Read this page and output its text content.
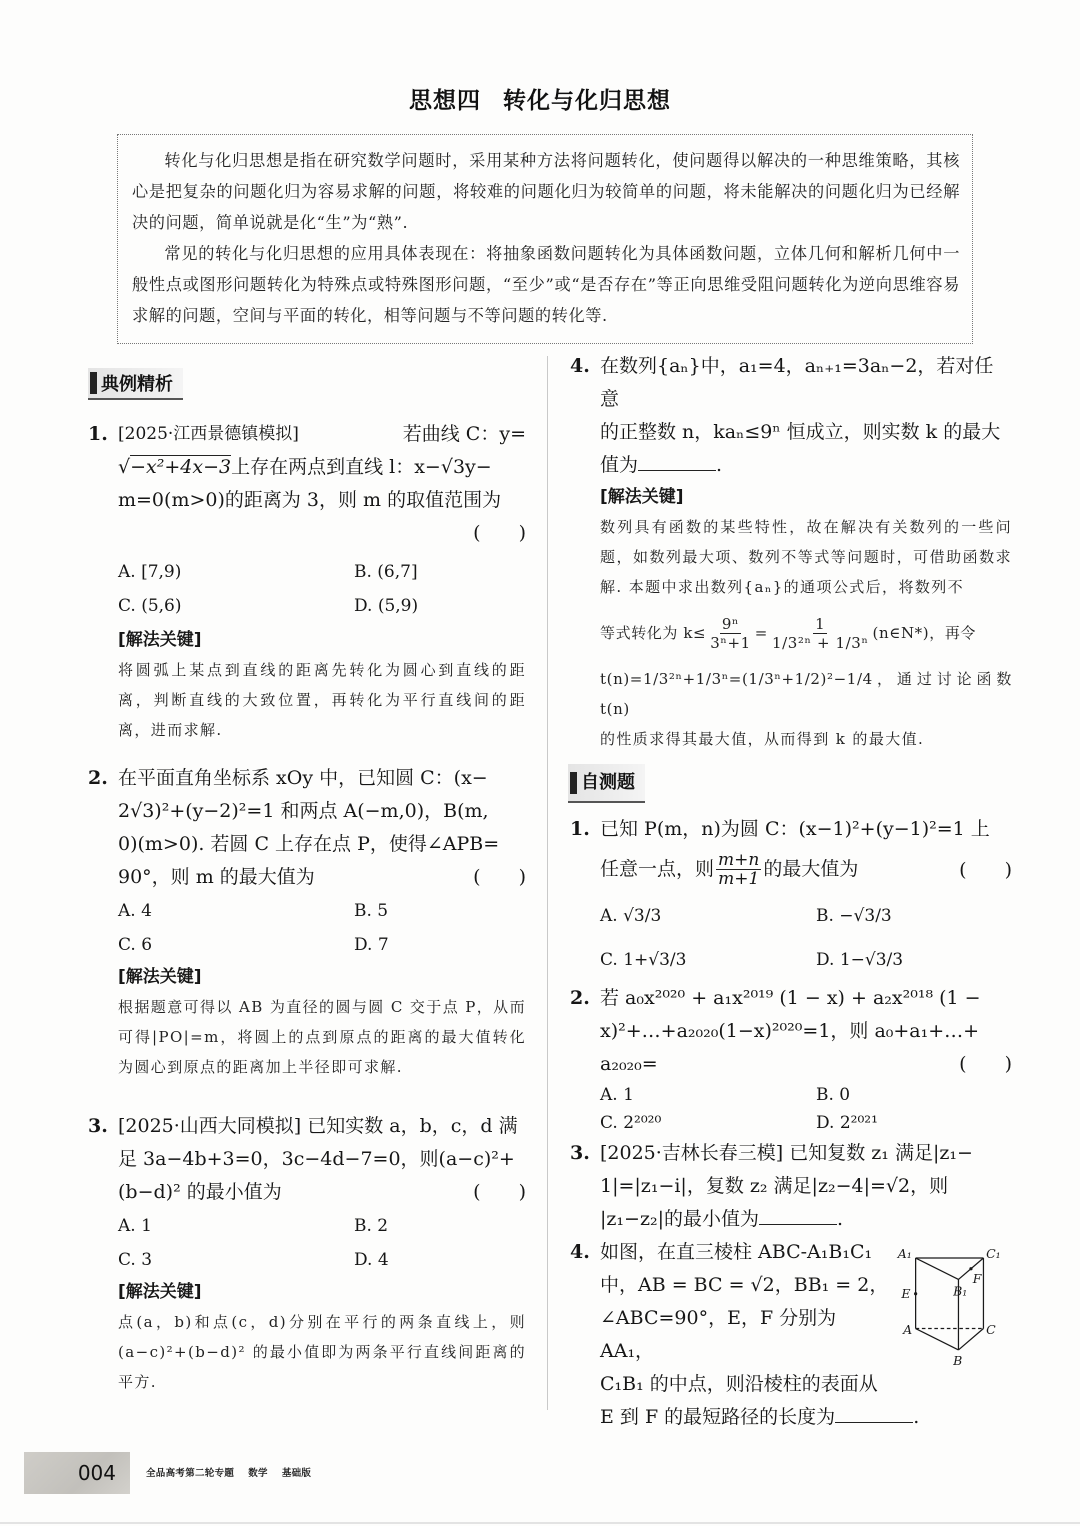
思想四 转化与化归思想

转化与化归思想是指在研究数学问题时，采用某种方法将问题转化，使问题得以解决的一种思维策略，其核心是把复杂的问题化归为容易求解的问题，将较难的问题化归为较简单的问题，将未能解决的问题化归为已经解决的问题，简单说就是化“生”为“熟”.

常见的转化与化归思想的应用具体表现在：将抽象函数问题转化为具体函数问题，立体几何和解析几何中一般性点或图形问题转化为特殊点或特殊图形问题，“至少”或“是否存在”等正向思维受阻问题转化为逆向思维容易求解的问题，空间与平面的转化，相等问题与不等问题的转化等.

典例精析
1. [2025·江西景德镇模拟]	若曲线 C：y=
√−x²+4x−3上存在两点到直线 l：x−√3y−
m=0(m>0)的距离为 3，则 m 的取值范围为
(　　)
A. [7,9)	B. (6,7]
C. (5,6)	D. (5,9)
[解法关键]
将圆弧上某点到直线的距离先转化为圆心到直线的距离，判断直线的大致位置，再转化为平行直线间的距离，进而求解.
2. 在平面直角坐标系 xOy 中，已知圆 C：(x−
2√3)²+(y−2)²=1 和两点 A(−m,0)，B(m,
0)(m>0). 若圆 C 上存在点 P，使得∠APB=
90°，则 m 的最大值为	(　　)
A. 4	B. 5
C. 6	D. 7
[解法关键]
根据题意可得以 AB 为直径的圆与圆 C 交于点 P，从而可得|PO|=m，将圆上的点到原点的距离的最大值转化为圆心到原点的距离加上半径即可求解.
3. [2025·山西大同模拟] 已知实数 a，b，c，d 满
足 3a−4b+3=0，3c−4d−7=0，则(a−c)²+
(b−d)² 的最小值为	(　　)
A. 1	B. 2
C. 3	D. 4
[解法关键]
点(a，b)和点(c，d)分别在平行的两条直线上，则(a−c)²+(b−d)² 的最小值即为两条平行直线间距离的平方.
4. 在数列{aₙ}中，a₁=4，aₙ₊₁=3aₙ−2，若对任意
的正整数 n，kaₙ≤9ⁿ 恒成立，则实数 k 的最大
值为	.
[解法关键]
数列具有函数的某些特性，故在解决有关数列的一些问题，如数列最大项、数列不等式等问题时，可借助函数求解. 本题中求出数列{aₙ}的通项公式后，将数列不
等式转化为 $k\le \frac{\text{9ⁿ}}{\text{3ⁿ+1}} = \frac{1}{\text{1/3²ⁿ + 1/3ⁿ}}$ (n∈N*)，再令
t(n)=1/3²ⁿ+1/3ⁿ=(1/3ⁿ+1/2)²−1/4，通过讨论函数 t(n)
的性质求得其最大值，从而得到 k 的最大值.
自测题
1. 已知 P(m，n)为圆 C：(x−1)²+(y−1)²=1 上
任意一点，则 $\frac{m+n}{m+1}$ 的最大值为	(　　)
A. √3/3	B. −√3/3
C. 1+√3/3	D. 1−√3/3
2. 若 a₀x²⁰²⁰ + a₁x²⁰¹⁹ (1 − x) + a₂x²⁰¹⁸ (1 −
x)²+…+a₂₀₂₀(1−x)²⁰²⁰=1，则 a₀+a₁+…+
a₂₀₂₀=	(　　)
A. 1	B. 0
C. 2²⁰²⁰	D. 2²⁰²¹
3. [2025·吉林长春三模] 已知复数 z₁ 满足|z₁−
1|=|z₁−i|，复数 z₂ 满足|z₂−4|=√2，则
|z₁−z₂|的最小值为	.
4. 如图，在直三棱柱 ABC-A₁B₁C₁
中，AB = BC = √2，BB₁ = 2，
∠ABC=90°，E，F 分别为 AA₁，
C₁B₁ 的中点，则沿棱柱的表面从
E 到 F 的最短路径的长度为	.
A₁	C₁
B₁
E
F
A	C
B
004	全品高考第二轮专题 数学 基础版
